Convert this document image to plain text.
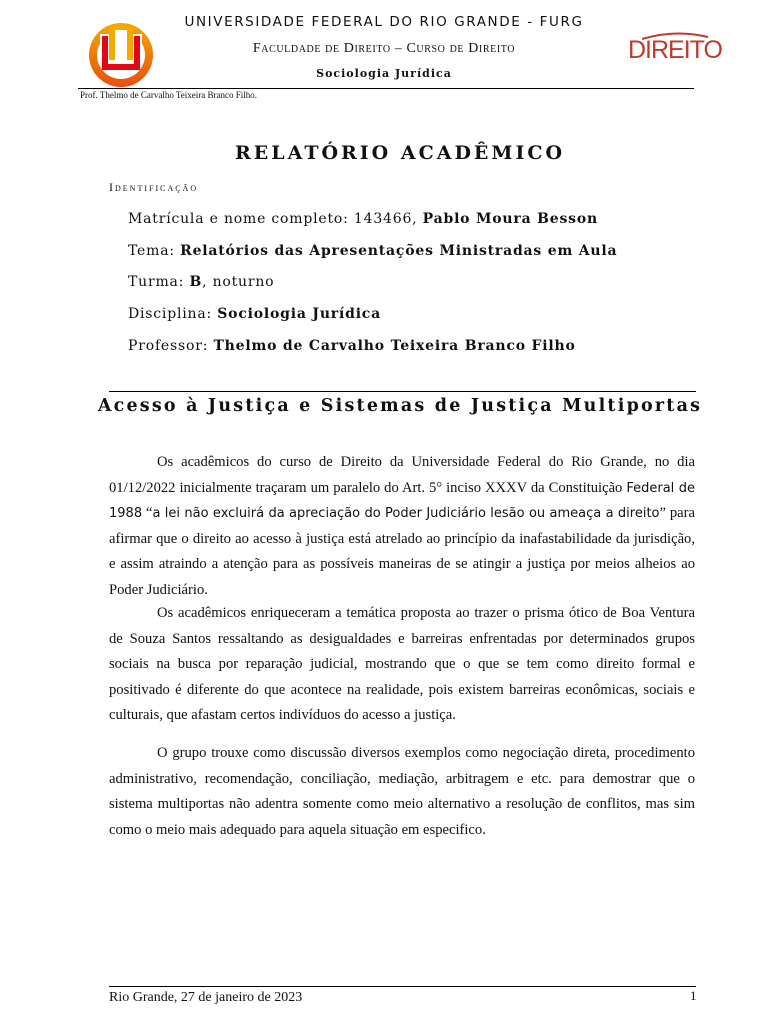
UNIVERSIDADE FEDERAL DO RIO GRANDE - FURG
Faculdade de Direito – Curso de Direito
Sociologia Jurídica
DIREITO
Prof. Thelmo de Carvalho Teixeira Branco Filho.
RELATÓRIO ACADÊMICO
Identificação
Matrícula e nome completo: 143466, Pablo Moura Besson
Tema: Relatórios das Apresentações Ministradas em Aula
Turma: B, noturno
Disciplina: Sociologia Jurídica
Professor: Thelmo de Carvalho Teixeira Branco Filho
Acesso à Justiça e Sistemas de Justiça Multiportas
Os acadêmicos do curso de Direito da Universidade Federal do Rio Grande, no dia 01/12/2022 inicialmente traçaram um paralelo do Art. 5° inciso XXXV da Constituição Federal de 1988 “a lei não excluirá da apreciação do Poder Judiciário lesão ou ameaça a direito” para afirmar que o direito ao acesso à justiça está atrelado ao princípio da inafastabilidade da jurisdição, e assim atraindo a atenção para as possíveis maneiras de se atingir a justiça por meios alheios ao Poder Judiciário.
Os acadêmicos enriqueceram a temática proposta ao trazer o prisma ótico de Boa Ventura de Souza Santos ressaltando as desigualdades e barreiras enfrentadas por determinados grupos sociais na busca por reparação judicial, mostrando que o que se tem como direito formal e positivado é diferente do que acontece na realidade, pois existem barreiras econômicas, sociais e culturais, que afastam certos indivíduos do acesso a justiça.
O grupo trouxe como discussão diversos exemplos como negociação direta, procedimento administrativo, recomendação, conciliação, mediação, arbitragem e etc. para demostrar que o sistema multiportas não adentra somente como meio alternativo a resolução de conflitos, mas sim como o meio mais adequado para aquela situação em especifico.
Rio Grande, 27 de janeiro de 2023	1
